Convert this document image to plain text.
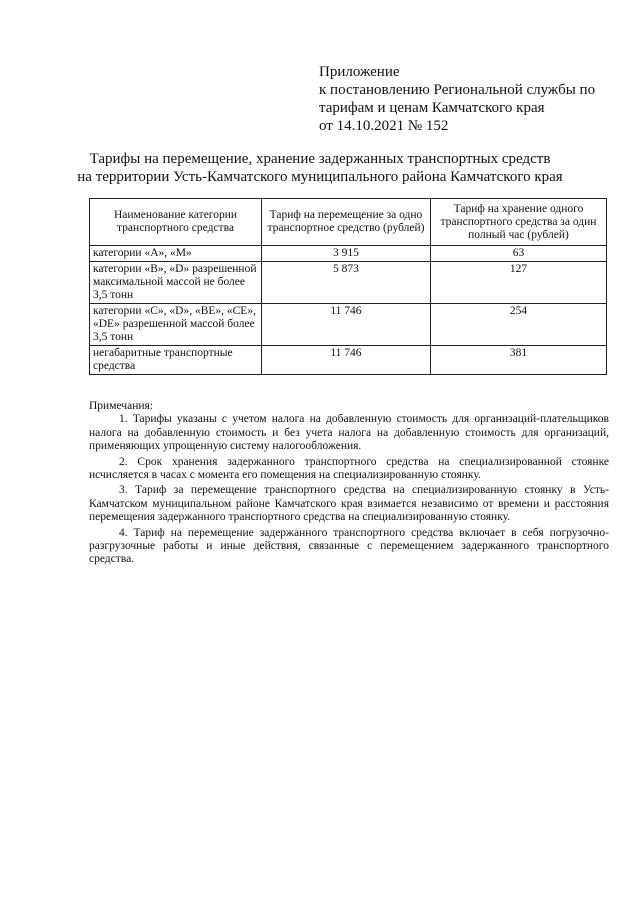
Приложение
к постановлению Региональной службы по
тарифам и ценам Камчатского края
от 14.10.2021 № 152
Тарифы на перемещение, хранение задержанных транспортных средств
на территории Усть-Камчатского муниципального района Камчатского края
Наименование категории транспортного средства	Тариф на перемещение за одно транспортное средство (рублей)	Тариф на хранение одного транспортного средства за один полный час (рублей)
категории «A», «M»	3 915	63
категории «B», «D» разрешенной максимальной массой не более 3,5 тонн	5 873	127
категории «C», «D», «BE», «CE», «DE» разрешенной массой более 3,5 тонн	11 746	254
негабаритные транспортные средства	11 746	381
Примечания:

1. Тарифы указаны с учетом налога на добавленную стоимость для организаций-плательщиков налога на добавленную стоимость и без учета налога на добавленную стоимость для организаций, применяющих упрощенную систему налогообложения.

2. Срок хранения задержанного транспортного средства на специализированной стоянке исчисляется в часах с момента его помещения на специализированную стоянку.

3. Тариф за перемещение транспортного средства на специализированную стоянку в Усть-Камчатском муниципальном районе Камчатского края взимается независимо от времени и расстояния перемещения задержанного транспортного средства на специализированную стоянку.

4. Тариф на перемещение задержанного транспортного средства включает в себя погрузочно-разгрузочные работы и иные действия, связанные с перемещением задержанного транспортного средства.
